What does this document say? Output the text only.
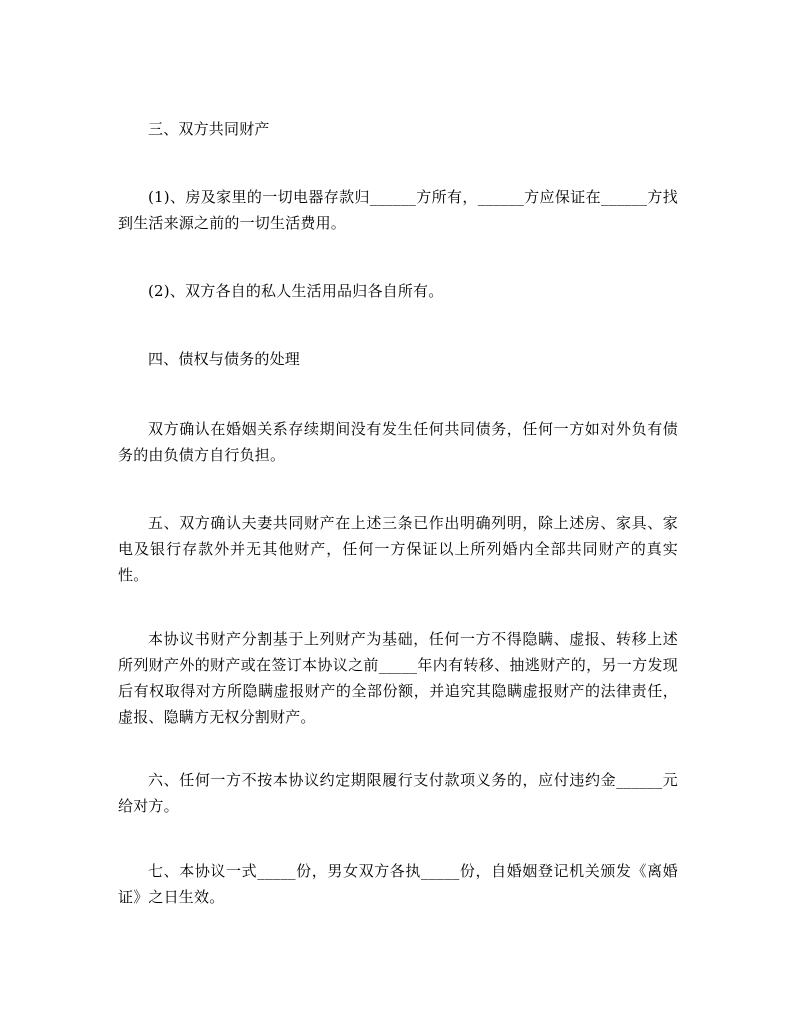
三、双方共同财产

(1)、房及家里的一切电器存款归______方所有，______方应保证在______方找到生活来源之前的一切生活费用。

(2)、双方各自的私人生活用品归各自所有。

四、债权与债务的处理

双方确认在婚姻关系存续期间没有发生任何共同债务，任何一方如对外负有债务的由负债方自行负担。

五、双方确认夫妻共同财产在上述三条已作出明确列明，除上述房、家具、家电及银行存款外并无其他财产，任何一方保证以上所列婚内全部共同财产的真实性。

本协议书财产分割基于上列财产为基础，任何一方不得隐瞒、虚报、转移上述所列财产外的财产或在签订本协议之前_____年内有转移、抽逃财产的，另一方发现后有权取得对方所隐瞒虚报财产的全部份额，并追究其隐瞒虚报财产的法律责任，虚报、隐瞒方无权分割财产。

六、任何一方不按本协议约定期限履行支付款项义务的，应付违约金______元给对方。

七、本协议一式_____份，男女双方各执_____份，自婚姻登记机关颁发《离婚证》之日生效。
